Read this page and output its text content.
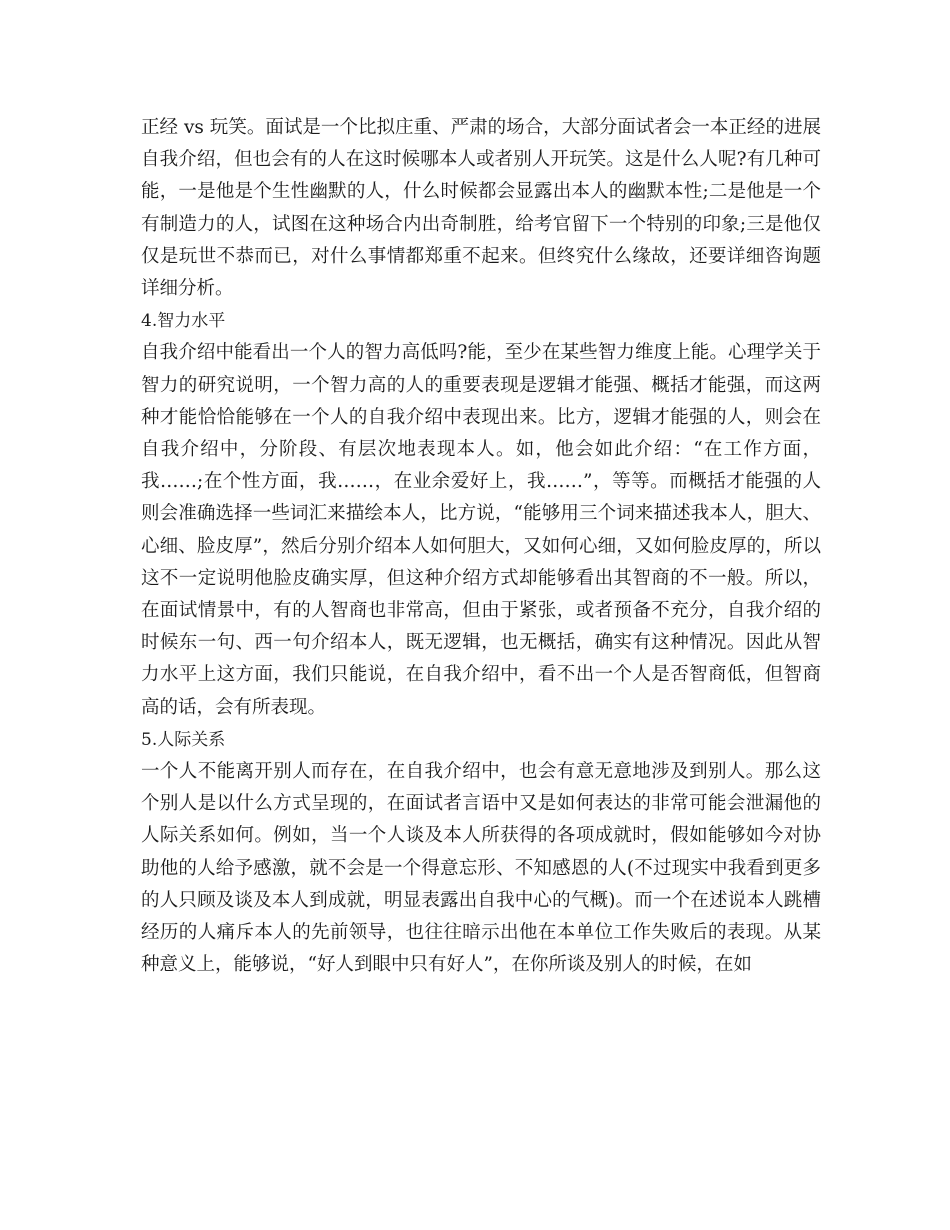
正经 vs 玩笑。面试是一个比拟庄重、严肃的场合，大部分面试者会一本正经的进展自我介绍，但也会有的人在这时候哪本人或者别人开玩笑。这是什么人呢?有几种可能，一是他是个生性幽默的人，什么时候都会显露出本人的幽默本性;二是他是一个有制造力的人，试图在这种场合内出奇制胜，给考官留下一个特别的印象;三是他仅仅是玩世不恭而已，对什么事情都郑重不起来。但终究什么缘故，还要详细咨询题详细分析。

4.智力水平

自我介绍中能看出一个人的智力高低吗?能，至少在某些智力维度上能。心理学关于智力的研究说明，一个智力高的人的重要表现是逻辑才能强、概括才能强，而这两种才能恰恰能够在一个人的自我介绍中表现出来。比方，逻辑才能强的人，则会在自我介绍中，分阶段、有层次地表现本人。如，他会如此介绍：“在工作方面，我……;在个性方面，我……，在业余爱好上，我……”，等等。而概括才能强的人则会准确选择一些词汇来描绘本人，比方说，“能够用三个词来描述我本人，胆大、心细、脸皮厚”，然后分别介绍本人如何胆大，又如何心细，又如何脸皮厚的，所以这不一定说明他脸皮确实厚，但这种介绍方式却能够看出其智商的不一般。所以，在面试情景中，有的人智商也非常高，但由于紧张，或者预备不充分，自我介绍的时候东一句、西一句介绍本人，既无逻辑，也无概括，确实有这种情况。因此从智力水平上这方面，我们只能说，在自我介绍中，看不出一个人是否智商低，但智商高的话，会有所表现。

5.人际关系

一个人不能离开别人而存在，在自我介绍中，也会有意无意地涉及到别人。那么这个别人是以什么方式呈现的，在面试者言语中又是如何表达的非常可能会泄漏他的人际关系如何。例如，当一个人谈及本人所获得的各项成就时，假如能够如今对协助他的人给予感激，就不会是一个得意忘形、不知感恩的人(不过现实中我看到更多的人只顾及谈及本人到成就，明显表露出自我中心的气概)。而一个在述说本人跳槽经历的人痛斥本人的先前领导，也往往暗示出他在本单位工作失败后的表现。从某种意义上，能够说，“好人到眼中只有好人”，在你所谈及别人的时候，在如
